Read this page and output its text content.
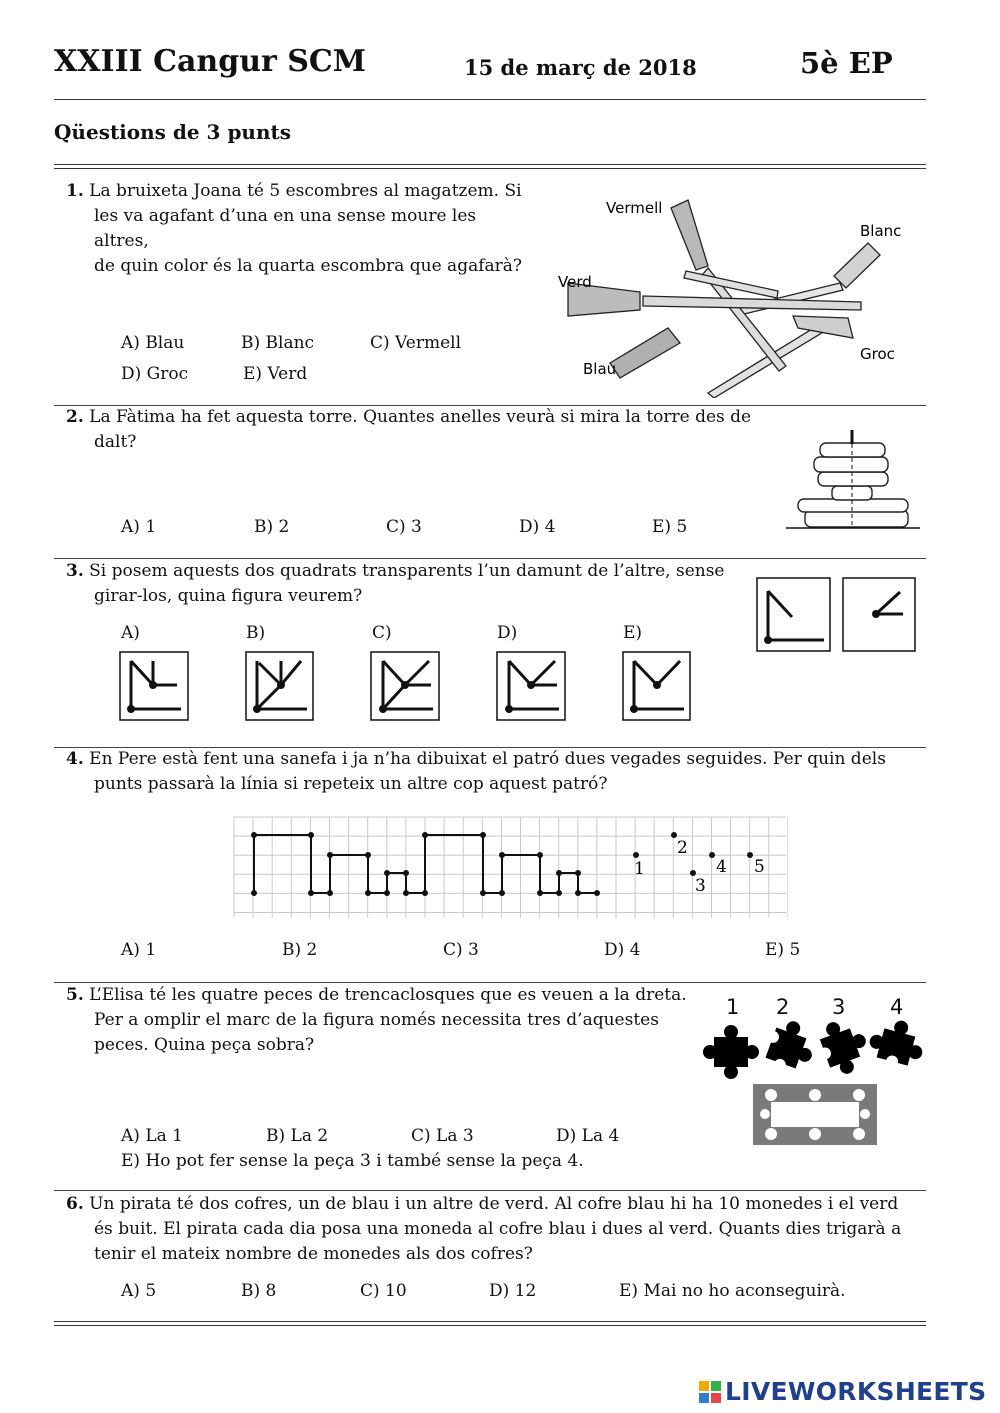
XXIII Cangur SCM	15 de març de 2018	5è EP
Qüestions de 3 punts
1. La bruixeta Joana té 5 escombres al magatzem. Si
les va agafant d’una en una sense moure les altres,
de quin color és la quarta escombra que agafarà?
A) Blau	B) Blanc	C) Vermell
D) Groc	E) Verd
Vermell
Blanc
Verd
Groc
Blau
2. La Fàtima ha fet aquesta torre. Quantes anelles veurà si mira la torre des de
dalt?
A) 1	B) 2	C) 3	D) 4	E) 5
3. Si posem aquests dos quadrats transparents l’un damunt de l’altre, sense
girar-los, quina figura veurem?
A)	B)	C)	D)	E)
4. En Pere està fent una sanefa i ja n’ha dibuixat el patró dues vegades seguides. Per quin dels
punts passarà la línia si repeteix un altre cop aquest patró?
1
2
3
4 5
A) 1	B) 2	C) 3	D) 4	E) 5
5. L’Elisa té les quatre peces de trencaclosques que es veuen a la dreta.
Per a omplir el marc de la figura només necessita tres d’aquestes
peces. Quina peça sobra?
1 2 3 4
A) La 1	B) La 2	C) La 3	D) La 4
E) Ho pot fer sense la peça 3 i també sense la peça 4.
6. Un pirata té dos cofres, un de blau i un altre de verd. Al cofre blau hi ha 10 monedes i el verd
és buit. El pirata cada dia posa una moneda al cofre blau i dues al verd. Quants dies trigarà a
tenir el mateix nombre de monedes als dos cofres?
A) 5	B) 8	C) 10	D) 12	E) Mai no ho aconseguirà.
LIVEWORKSHEETS
